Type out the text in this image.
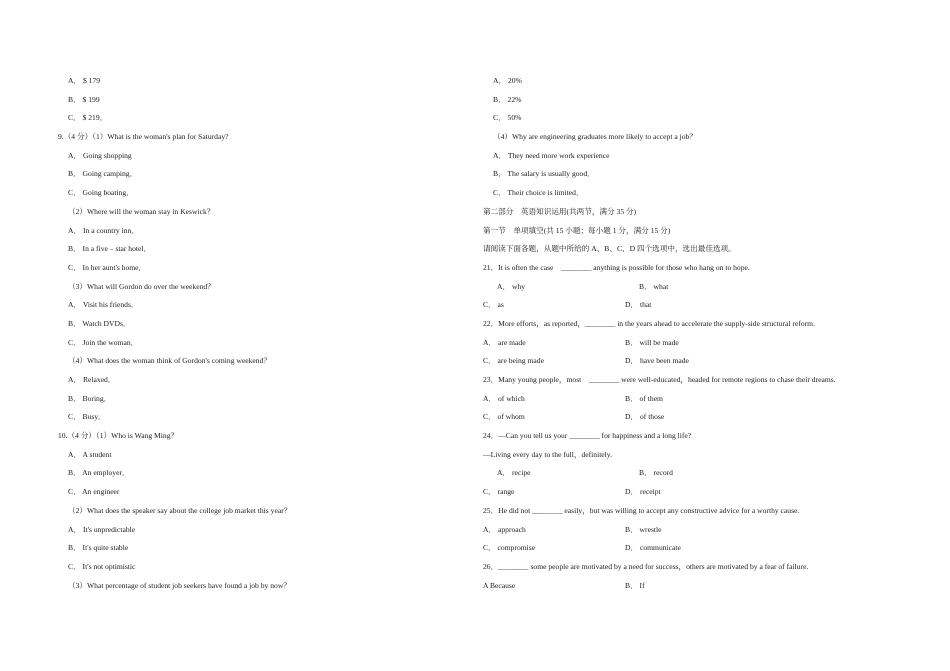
A． $ 179
B． $ 199
C． $ 219．
9.（4 分）（1）What is the woman's plan for Saturday?
A． Going shopping
B． Going camping．
C． Going boating．
（2）Where will the woman stay in Keswick？
A． In a country inn．
B． In a five﹣star hotel．
C． In her aunt's home．
（3）What will Gordon do over the weekend？
A． Visit his friends．
B． Watch DVDs．
C． Join the woman．
（4）What does the woman think of Gordon's coming weekend？
A． Relaxed．
B． Boring．
C． Busy．
10.（4 分）（1）Who is Wang Ming？
A． A student
B． An employer．
C． An engineer
（2）What does the speaker say about the college job market this year？
A． It's unpredictable
B． It's quite stable
C． It's not optimistic
（3）What percentage of student job seekers have found a job by now？
A． 20%
B． 22%
C． 50%
（4）Why are engineering graduates more likely to accept a job？
A． They need more work experience
B． The salary is usually good．
C． Their choice is limited．
第二部分　英语知识运用(共两节，满分 35 分)
第一节　单项填空(共 15 小题；每小题 1 分，满分 15 分)
请阅读下面各题，从题中所给的 A、B、C、D 四个选项中，选出最佳选项。
21．It is often the case　________ anything is possible for those who hang on to hope.
A． why	B． what
C． as	D． that
22．More efforts，as reported，________ in the years ahead to accelerate the supply-side structural reform.
A． are made	B． will be made
C． are being made	D． have been made
23．Many young people，most　________ were well-educated，headed for remote regions to chase their dreams.
A． of which	B． of them
C． of whom	D． of those
24．—Can you tell us your ________ for happiness and a long life?
—Living every day to the full，definitely.
A． recipe	B． record
C． range	D． receipt
25．He did not ________ easily，but was willing to accept any constructive advice for a worthy cause.
A． approach	B． wrestle
C． compromise	D． communicate
26．________ some people are motivated by a need for success，others are motivated by a fear of failure.
A Because	B． If
